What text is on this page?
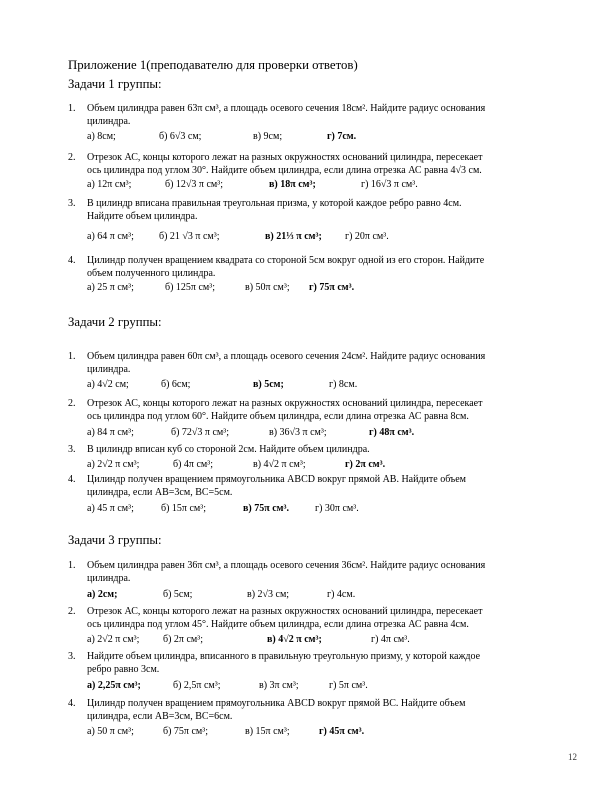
Приложение 1(преподавателю для проверки ответов)
Задачи 1 группы:
1. Объем цилиндра равен 63π см³, а площадь осевого сечения 18см². Найдите радиус основания
цилиндра.
а) 8см;	б) 6√3 см;	в) 9см;	г) 7см.
2. Отрезок АС, концы которого лежат на разных окружностях оснований цилиндра, пересекает
ось цилиндра под углом 30°. Найдите объем цилиндра, если длина отрезка АС равна 4√3 см.
а) 12π см³;	б) 12√3 π см³;	в) 18π см³;	г) 16√3 π см³.
3. В цилиндр вписана правильная треугольная призма, у которой каждое ребро равно 4см.
Найдите объем цилиндра.
а) 64 π см³;	б) 21 √3 π см³;	в) 21⅓ π см³; г) 20π см³.
4. Цилиндр получен вращением квадрата со стороной 5см вокруг одной из его сторон. Найдите
объем полученного цилиндра.
а) 25 π см³;	б) 125π см³;	в) 50π см³; г) 75π см³.
Задачи 2 группы:
1. Объем цилиндра равен 60π см³, а площадь осевого сечения 24см². Найдите радиус основания
цилиндра.
а) 4√2 см;	б) 6см;	в) 5см;	г) 8см.
2. Отрезок АС, концы которого лежат на разных окружностях оснований цилиндра, пересекает
ось цилиндра под углом 60°. Найдите объем цилиндра, если длина отрезка АС равна 8см.
а) 84 π см³;	б) 72√3 π см³;	в) 36√3 π см³;	г) 48π см³.
3. В цилиндр вписан куб со стороной 2см. Найдите объем цилиндра.
а) 2√2 π см³;	б) 4π см³;	в) 4√2 π см³;	г) 2π см³.
4. Цилиндр получен вращением прямоугольника ABCD вокруг прямой АВ. Найдите объем
цилиндра, если АВ=3см, ВС=5см.
а) 45 π см³;	б) 15π см³;	в) 75π см³.	г) 30π см³.
Задачи 3 группы:
1. Объем цилиндра равен 36π см³, а площадь осевого сечения 36см². Найдите радиус основания
цилиндра.
а) 2см;	б) 5см;	в) 2√3 см;	г) 4см.
2. Отрезок АС, концы которого лежат на разных окружностях оснований цилиндра, пересекает
ось цилиндра под углом 45°. Найдите объем цилиндра, если длина отрезка АС равна 4см.
а) 2√2 π см³; б) 2π см³;	в) 4√2 π см³;	г) 4π см³.
3. Найдите объем цилиндра, вписанного в правильную треугольную призму, у которой каждое
ребро равно 3см.
а) 2,25π см³;	б) 2,5π см³;	в) 3π см³;	г) 5π см³.
4. Цилиндр получен вращением прямоугольника ABCD вокруг прямой ВС. Найдите объем
цилиндра, если АВ=3см, ВС=6см.
а) 50 π см³;	б) 75π см³;	в) 15π см³;	г) 45π см³.
12
